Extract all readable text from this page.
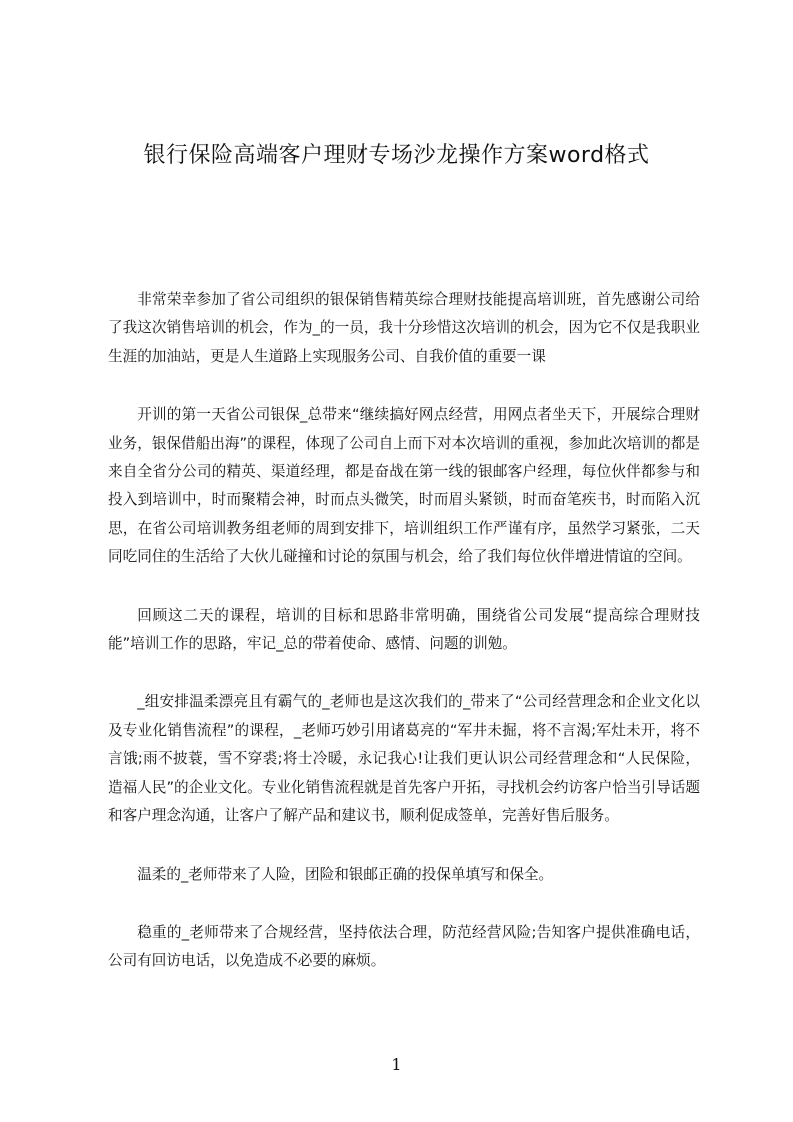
银行保险高端客户理财专场沙龙操作方案word格式

非常荣幸参加了省公司组织的银保销售精英综合理财技能提高培训班，首先感谢公司给了我这次销售培训的机会，作为_的一员，我十分珍惜这次培训的机会，因为它不仅是我职业生涯的加油站，更是人生道路上实现服务公司、自我价值的重要一课

开训的第一天省公司银保_总带来“继续搞好网点经营，用网点者坐天下，开展综合理财业务，银保借船出海”的课程，体现了公司自上而下对本次培训的重视，参加此次培训的都是来自全省分公司的精英、渠道经理，都是奋战在第一线的银邮客户经理，每位伙伴都参与和投入到培训中，时而聚精会神，时而点头微笑，时而眉头紧锁，时而奋笔疾书，时而陷入沉思，在省公司培训教务组老师的周到安排下，培训组织工作严谨有序，虽然学习紧张，二天同吃同住的生活给了大伙儿碰撞和讨论的氛围与机会，给了我们每位伙伴增进情谊的空间。

回顾这二天的课程，培训的目标和思路非常明确，围绕省公司发展“提高综合理财技能”培训工作的思路，牢记_总的带着使命、感情、问题的训勉。

_组安排温柔漂亮且有霸气的_老师也是这次我们的_带来了“公司经营理念和企业文化以及专业化销售流程”的课程，_老师巧妙引用诸葛亮的“军井未掘，将不言渴;军灶未开，将不言饿;雨不披蓑，雪不穿裘;将士冷暖，永记我心!让我们更认识公司经营理念和“人民保险，造福人民”的企业文化。专业化销售流程就是首先客户开拓，寻找机会约访客户恰当引导话题和客户理念沟通，让客户了解产品和建议书，顺利促成签单，完善好售后服务。

温柔的_老师带来了人险，团险和银邮正确的投保单填写和保全。

稳重的_老师带来了合规经营，坚持依法合理，防范经营风险;告知客户提供准确电话，公司有回访电话，以免造成不必要的麻烦。

1
